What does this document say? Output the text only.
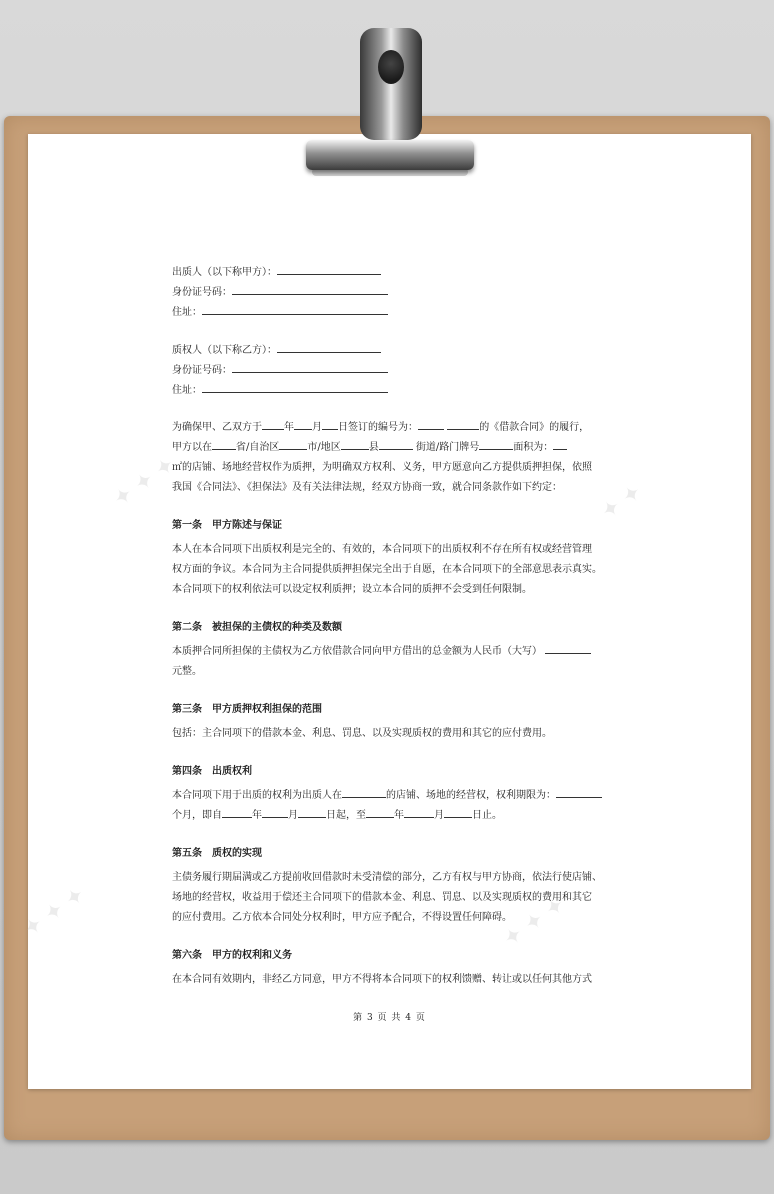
✦ ✦ ✦	✦ ✦
✦ ✦ ✦	✦ ✦ ✦
出质人（以下称甲方）：
身份证号码：
住址：
质权人（以下称乙方）：
身份证号码：
住址：
为确保甲、乙双方于 年 月 日签订的编号为：	的《借款合同》的履行，
甲方以在 省/自治区	市/地区	县	街道/路门牌号	面积为：
㎡的店铺、场地经营权作为质押，为明确双方权利、义务，甲方愿意向乙方提供质押担保，依照
我国《合同法》、《担保法》及有关法律法规，经双方协商一致，就合同条款作如下约定：
第一条　甲方陈述与保证
本人在本合同项下出质权利是完全的、有效的，本合同项下的出质权利不存在所有权或经营管理
权方面的争议。本合同为主合同提供质押担保完全出于自愿，在本合同项下的全部意思表示真实。
本合同项下的权利依法可以设定权利质押；设立本合同的质押不会受到任何限制。
第二条　被担保的主债权的种类及数额
本质押合同所担保的主债权为乙方依借款合同向甲方借出的总金额为人民币（大写）
元整。
第三条　甲方质押权利担保的范围
包括：主合同项下的借款本金、利息、罚息、以及实现质权的费用和其它的应付费用。
第四条　出质权利
本合同项下用于出质的权利为出质人在	的店铺、场地的经营权，权利期限为：
个月，即自	年	月	日起，至	年	月	日止。
第五条　质权的实现
主债务履行期届满或乙方提前收回借款时未受清偿的部分，乙方有权与甲方协商，依法行使店铺、
场地的经营权，收益用于偿还主合同项下的借款本金、利息、罚息、以及实现质权的费用和其它
的应付费用。乙方依本合同处分权利时，甲方应予配合，不得设置任何障碍。
第六条　甲方的权利和义务
在本合同有效期内，非经乙方同意，甲方不得将本合同项下的权利馈赠、转让或以任何其他方式
第 3 页 共 4 页
